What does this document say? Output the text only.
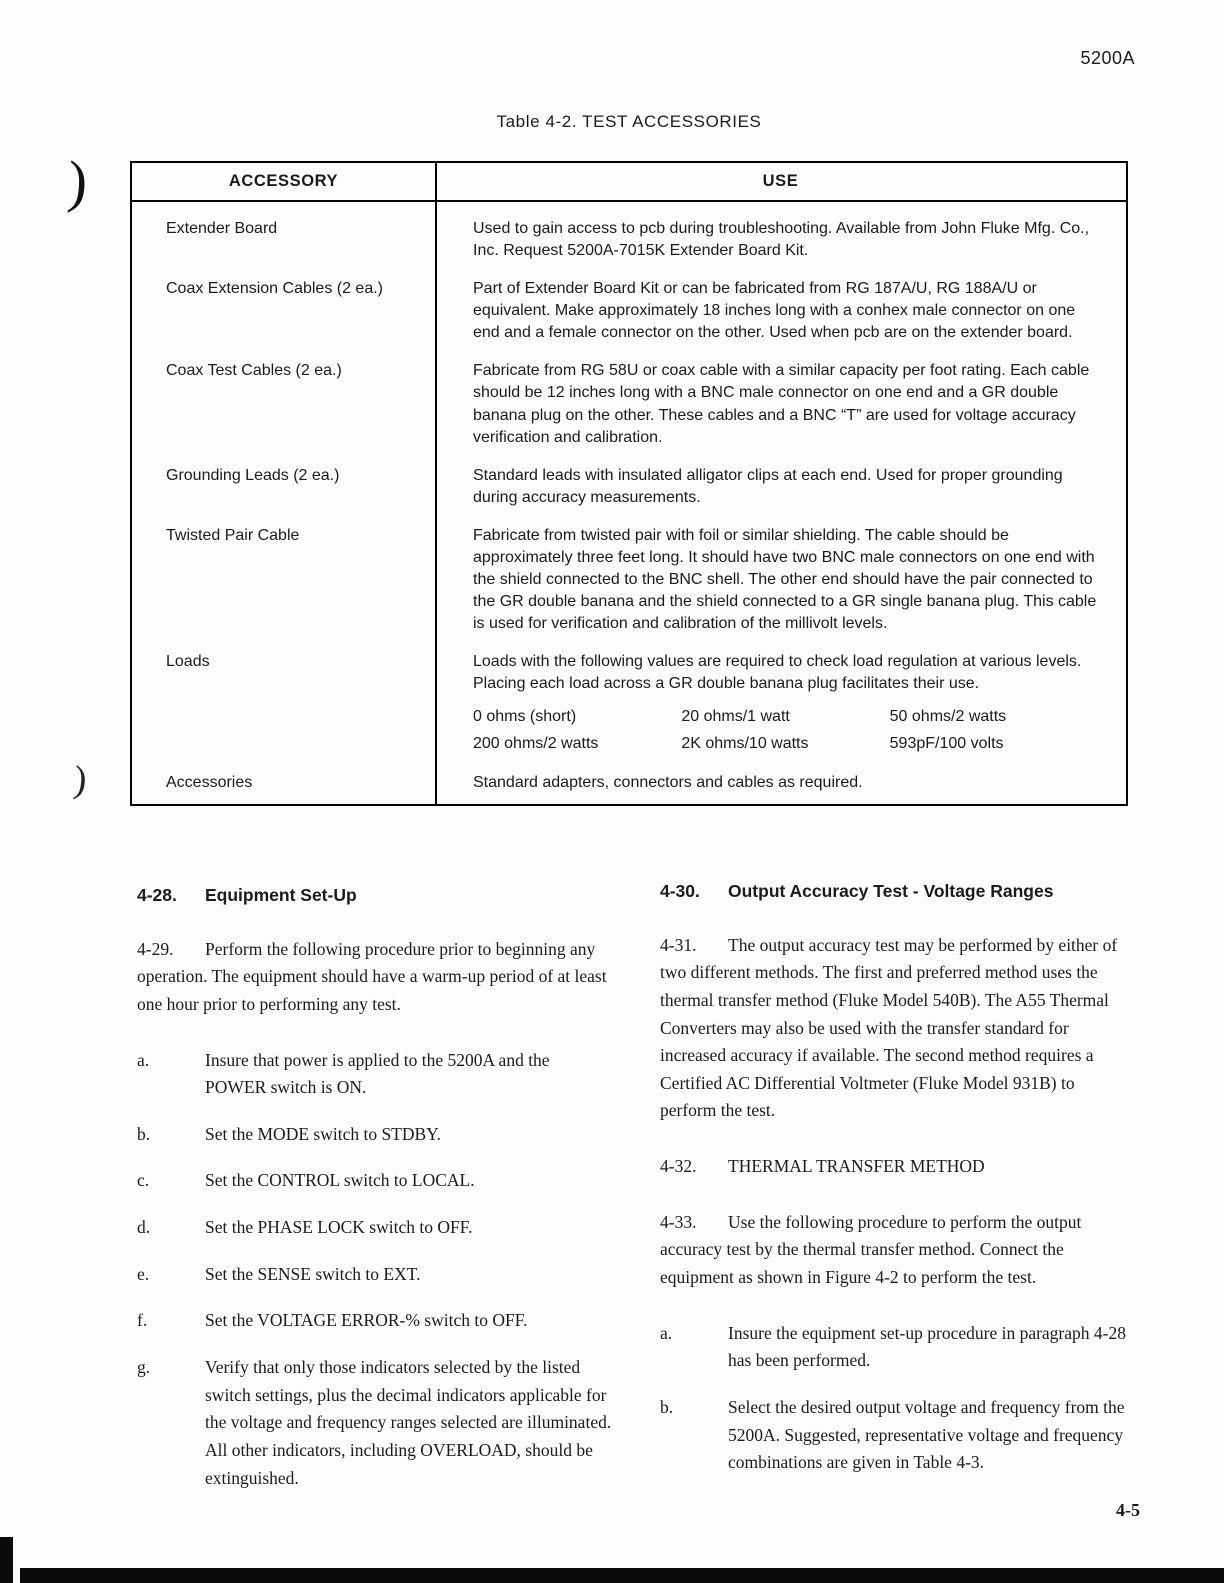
)
)
5200A
Table 4-2. TEST ACCESSORIES
ACCESSORY	USE
Extender Board	Used to gain access to pcb during troubleshooting. Available from John Fluke Mfg. Co., Inc. Request 5200A-7015K Extender Board Kit.
Coax Extension Cables (2 ea.)	Part of Extender Board Kit or can be fabricated from RG 187A/U, RG 188A/U or equivalent. Make approximately 18 inches long with a conhex male connector on one end and a female connector on the other. Used when pcb are on the extender board.
Coax Test Cables (2 ea.)	Fabricate from RG 58U or coax cable with a similar capacity per foot rating. Each cable should be 12 inches long with a BNC male connector on one end and a GR double banana plug on the other. These cables and a BNC “T” are used for voltage accuracy verification and calibration.
Grounding Leads (2 ea.)	Standard leads with insulated alligator clips at each end. Used for proper grounding during accuracy measurements.
Twisted Pair Cable	Fabricate from twisted pair with foil or similar shielding. The cable should be approximately three feet long. It should have two BNC male connectors on one end with the shield connected to the BNC shell. The other end should have the pair connected to the GR double banana and the shield connected to a GR single banana plug. This cable is used for verification and calibration of the millivolt levels.
Loads	Loads with the following values are required to check load regulation at various levels. Placing each load across a GR double banana plug facilitates their use.
0 ohms (short)	20 ohms/1 watt	50 ohms/2 watts
200 ohms/2 watts	2K ohms/10 watts	593pF/100 volts
Accessories	Standard adapters, connectors and cables as required.
4-28.	Equipment Set-Up

4-29. Perform the following procedure prior to beginning any operation. The equipment should have a warm-up period of at least one hour prior to performing any test.

a.	Insure that power is applied to the 5200A and the POWER switch is ON.
b.	Set the MODE switch to STDBY.
c.	Set the CONTROL switch to LOCAL.
d.	Set the PHASE LOCK switch to OFF.
e.	Set the SENSE switch to EXT.
f.	Set the VOLTAGE ERROR-% switch to OFF.
g.	Verify that only those indicators selected by the listed switch settings, plus the decimal indicators applicable for the voltage and frequency ranges selected are illuminated. All other indicators, including OVERLOAD, should be extinguished.
4-30.	Output Accuracy Test - Voltage Ranges

4-31. The output accuracy test may be performed by either of two different methods. The first and preferred method uses the thermal transfer method (Fluke Model 540B). The A55 Thermal Converters may also be used with the transfer standard for increased accuracy if available. The second method requires a Certified AC Differential Voltmeter (Fluke Model 931B) to perform the test.

4-32. THERMAL TRANSFER METHOD

4-33. Use the following procedure to perform the output accuracy test by the thermal transfer method. Connect the equipment as shown in Figure 4-2 to perform the test.

a.	Insure the equipment set-up procedure in paragraph 4-28 has been performed.
b.	Select the desired output voltage and frequency from the 5200A. Suggested, representative voltage and frequency combinations are given in Table 4-3.
4-5
